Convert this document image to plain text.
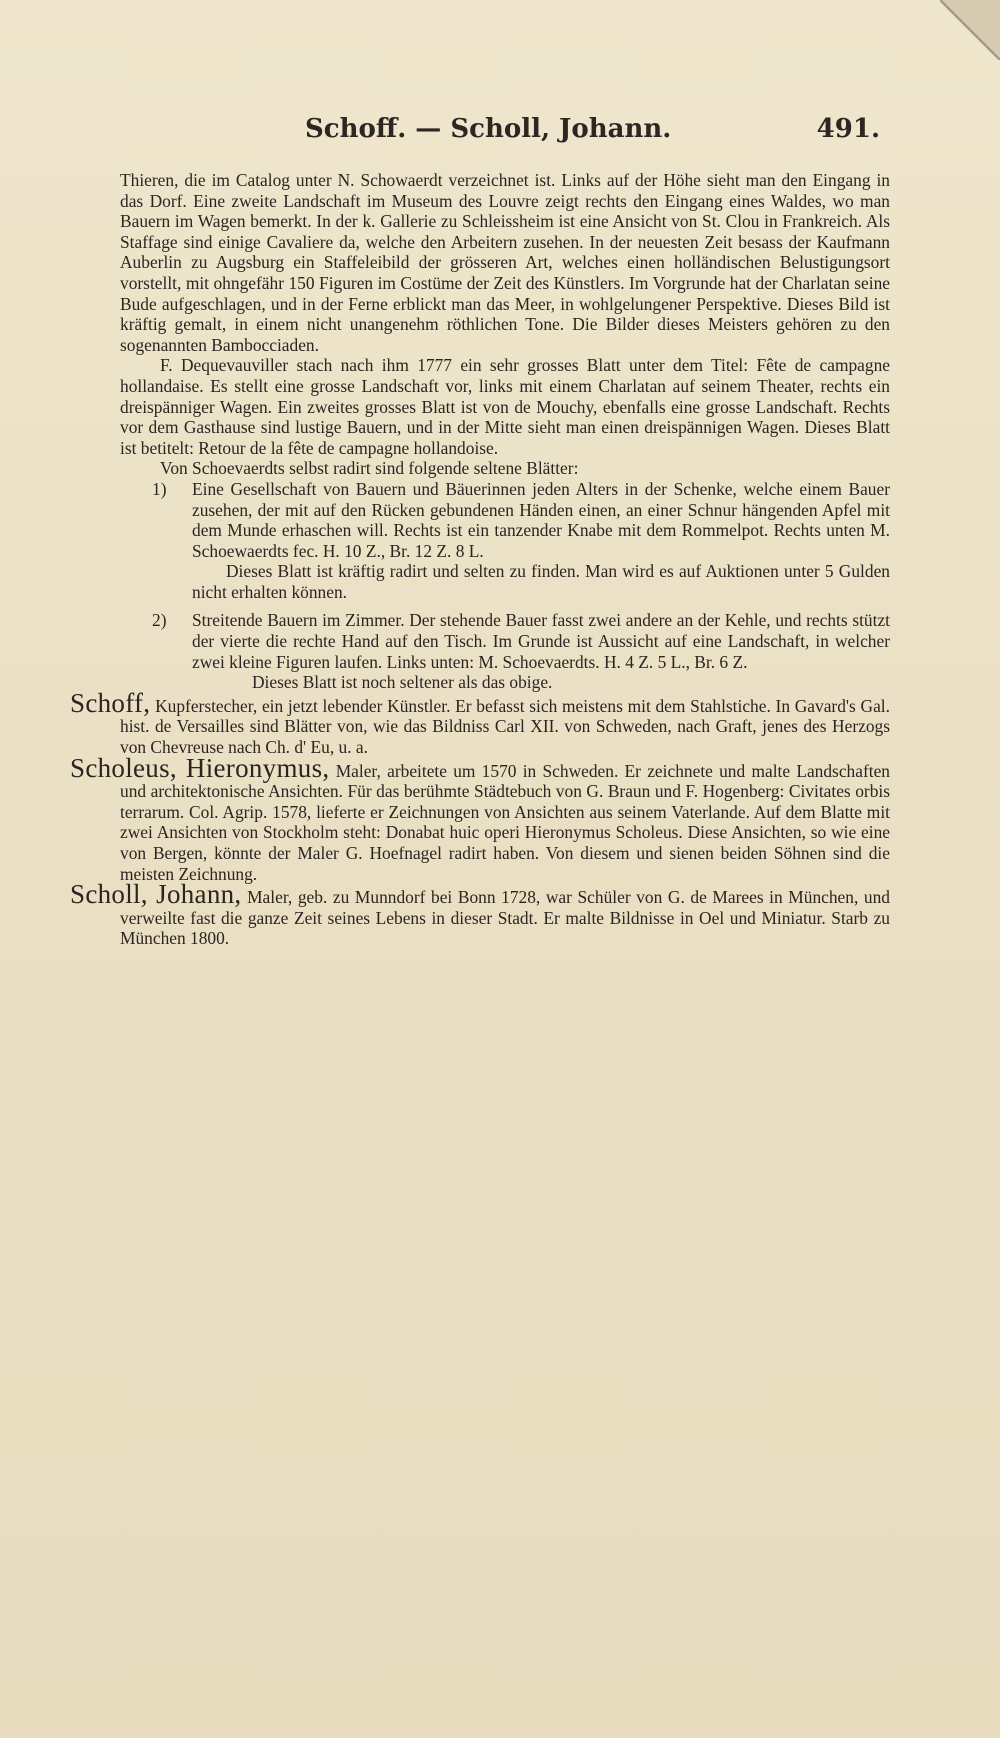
Schoff. — Scholl, Johann.	491.

Thieren, die im Catalog unter N. Schowaerdt verzeichnet ist. Links auf der Höhe sieht man den Eingang in das Dorf. Eine zweite Landschaft im Museum des Louvre zeigt rechts den Eingang eines Waldes, wo man Bauern im Wagen bemerkt. In der k. Gallerie zu Schleissheim ist eine Ansicht von St. Clou in Frankreich. Als Staffage sind einige Cavaliere da, welche den Arbeitern zusehen. In der neuesten Zeit besass der Kaufmann Auberlin zu Augsburg ein Staffeleibild der grösseren Art, welches einen holländischen Belustigungsort vorstellt, mit ohngefähr 150 Figuren im Costüme der Zeit des Künstlers. Im Vorgrunde hat der Charlatan seine Bude aufgeschlagen, und in der Ferne erblickt man das Meer, in wohlgelungener Perspektive. Dieses Bild ist kräftig gemalt, in einem nicht unangenehm röthlichen Tone. Die Bilder dieses Meisters gehören zu den sogenannten Bambocciaden.

F. Dequevauviller stach nach ihm 1777 ein sehr grosses Blatt unter dem Titel: Fête de campagne hollandaise. Es stellt eine grosse Landschaft vor, links mit einem Charlatan auf seinem Theater, rechts ein dreispänniger Wagen. Ein zweites grosses Blatt ist von de Mouchy, ebenfalls eine grosse Landschaft. Rechts vor dem Gasthause sind lustige Bauern, und in der Mitte sieht man einen dreispännigen Wagen. Dieses Blatt ist betitelt: Retour de la fête de campagne hollandoise.

Von Schoevaerdts selbst radirt sind folgende seltene Blätter:

1) Eine Gesellschaft von Bauern und Bäuerinnen jeden Alters in der Schenke, welche einem Bauer zusehen, der mit auf den Rücken gebundenen Händen einen, an einer Schnur hängenden Apfel mit dem Munde erhaschen will. Rechts ist ein tanzender Knabe mit dem Rommelpot. Rechts unten M. Schoewaerdts fec. H. 10 Z., Br. 12 Z. 8 L.

Dieses Blatt ist kräftig radirt und selten zu finden. Man wird es auf Auktionen unter 5 Gulden nicht erhalten können.

2) Streitende Bauern im Zimmer. Der stehende Bauer fasst zwei andere an der Kehle, und rechts stützt der vierte die rechte Hand auf den Tisch. Im Grunde ist Aussicht auf eine Landschaft, in welcher zwei kleine Figuren laufen. Links unten: M. Schoevaerdts. H. 4 Z. 5 L., Br. 6 Z.

Dieses Blatt ist noch seltener als das obige.

Schoff, Kupferstecher, ein jetzt lebender Künstler. Er befasst sich meistens mit dem Stahlstiche. In Gavard's Gal. hist. de Versailles sind Blätter von, wie das Bildniss Carl XII. von Schweden, nach Graft, jenes des Herzogs von Chevreuse nach Ch. d' Eu, u. a.

Scholeus, Hieronymus, Maler, arbeitete um 1570 in Schweden. Er zeichnete und malte Landschaften und architektonische Ansichten. Für das berühmte Städtebuch von G. Braun und F. Hogenberg: Civitates orbis terrarum. Col. Agrip. 1578, lieferte er Zeichnungen von Ansichten aus seinem Vaterlande. Auf dem Blatte mit zwei Ansichten von Stockholm steht: Donabat huic operi Hieronymus Scholeus. Diese Ansichten, so wie eine von Bergen, könnte der Maler G. Hoefnagel radirt haben. Von diesem und sienen beiden Söhnen sind die meisten Zeichnung.

Scholl, Johann, Maler, geb. zu Munndorf bei Bonn 1728, war Schüler von G. de Marees in München, und verweilte fast die ganze Zeit seines Lebens in dieser Stadt. Er malte Bildnisse in Oel und Miniatur. Starb zu München 1800.
